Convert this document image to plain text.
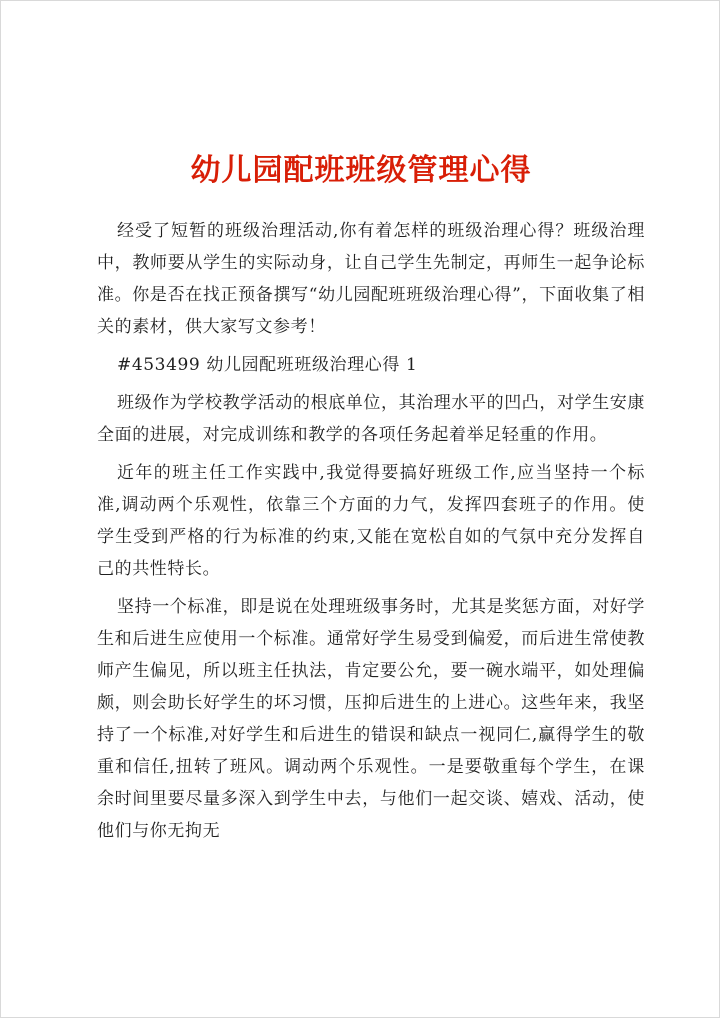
幼儿园配班班级管理心得

经受了短暂的班级治理活动,你有着怎样的班级治理心得？班级治理中，教师要从学生的实际动身，让自己学生先制定，再师生一起争论标准。你是否在找正预备撰写“幼儿园配班班级治理心得”，下面收集了相关的素材，供大家写文参考！

#453499 幼儿园配班班级治理心得 1

班级作为学校教学活动的根底单位，其治理水平的凹凸，对学生安康全面的进展，对完成训练和教学的各项任务起着举足轻重的作用。

近年的班主任工作实践中,我觉得要搞好班级工作,应当坚持一个标准,调动两个乐观性，依靠三个方面的力气，发挥四套班子的作用。使学生受到严格的行为标准的约束,又能在宽松自如的气氛中充分发挥自己的共性特长。

坚持一个标准，即是说在处理班级事务时，尤其是奖惩方面，对好学生和后进生应使用一个标准。通常好学生易受到偏爱，而后进生常使教师产生偏见，所以班主任执法，肯定要公允，要一碗水端平，如处理偏颇，则会助长好学生的坏习惯，压抑后进生的上进心。这些年来，我坚持了一个标准,对好学生和后进生的错误和缺点一视同仁,赢得学生的敬重和信任,扭转了班风。调动两个乐观性。一是要敬重每个学生，在课余时间里要尽量多深入到学生中去，与他们一起交谈、嬉戏、活动，使他们与你无拘无
